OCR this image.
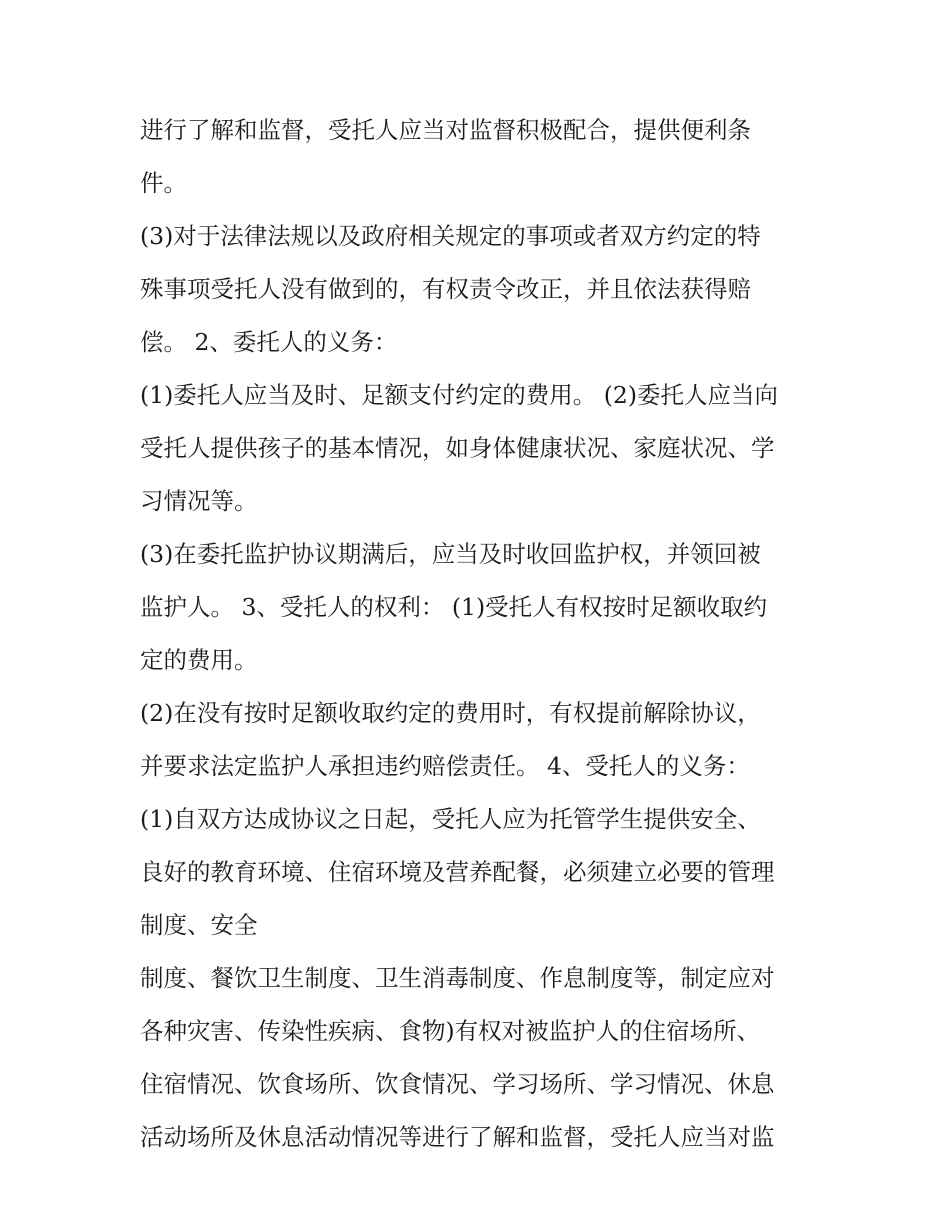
进行了解和监督，受托人应当对监督积极配合，提供便利条
件。
(3)对于法律法规以及政府相关规定的事项或者双方约定的特
殊事项受托人没有做到的，有权责令改正，并且依法获得赔
偿。 2、委托人的义务：
(1)委托人应当及时、足额支付约定的费用。 (2)委托人应当向
受托人提供孩子的基本情况，如身体健康状况、家庭状况、学
习情况等。
(3)在委托监护协议期满后，应当及时收回监护权，并领回被
监护人。 3、受托人的权利： (1)受托人有权按时足额收取约
定的费用。
(2)在没有按时足额收取约定的费用时，有权提前解除协议，
并要求法定监护人承担违约赔偿责任。 4、受托人的义务：
(1)自双方达成协议之日起，受托人应为托管学生提供安全、
良好的教育环境、住宿环境及营养配餐，必须建立必要的管理
制度、安全
制度、餐饮卫生制度、卫生消毒制度、作息制度等，制定应对
各种灾害、传染性疾病、食物)有权对被监护人的住宿场所、
住宿情况、饮食场所、饮食情况、学习场所、学习情况、休息
活动场所及休息活动情况等进行了解和监督，受托人应当对监
